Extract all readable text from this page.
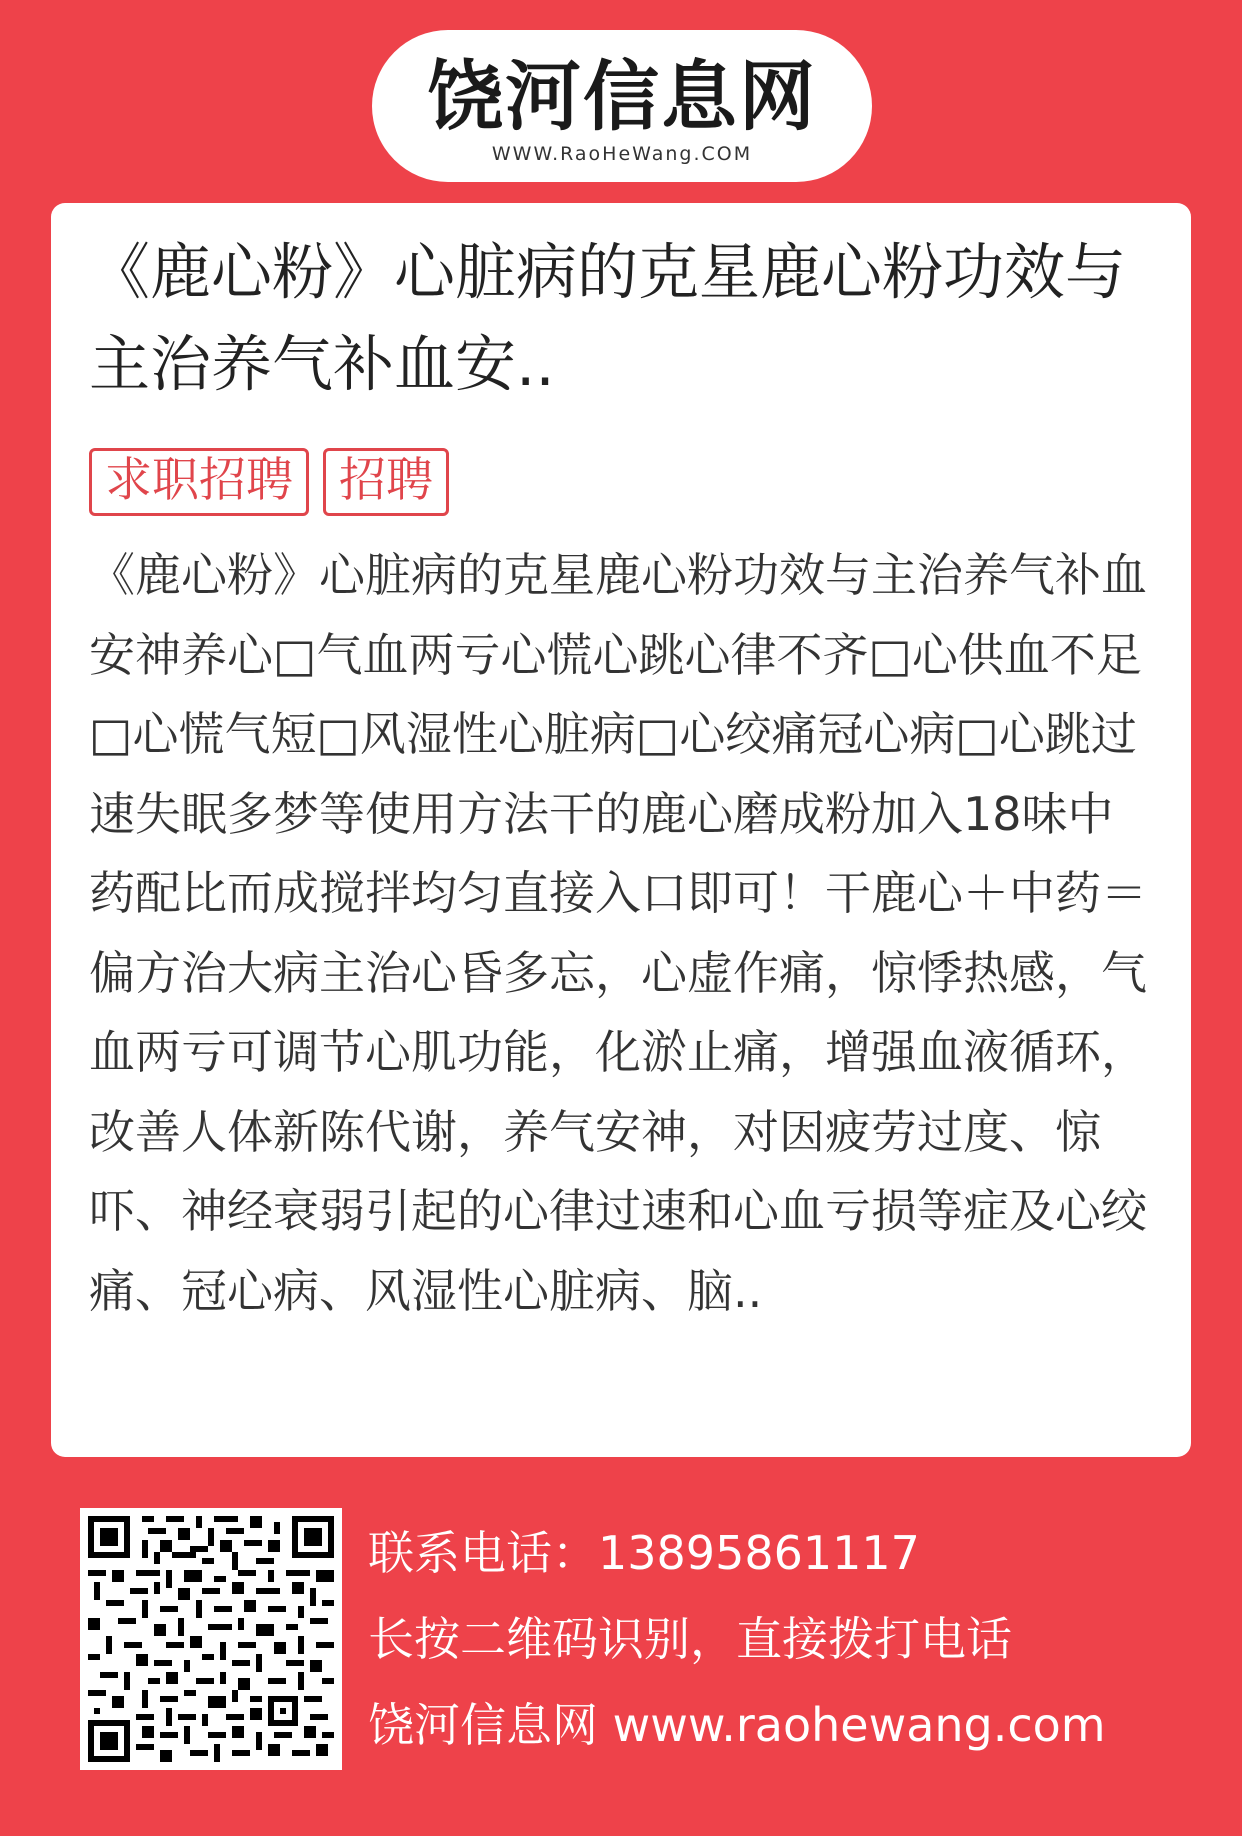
饶河信息网
WWW.RaoHeWang.COM
《鹿心粉》心脏病的克星鹿心粉功效与主治养气补血安..
求职招聘 招聘
《鹿心粉》心脏病的克星鹿心粉功效与主治养气补血安神养心□气血两亏心慌心跳心律不齐□心供血不足□心慌气短□风湿性心脏病□心绞痛冠心病□心跳过速失眠多梦等使用方法干的鹿心磨成粉加入18味中药配比而成搅拌均匀直接入口即可！干鹿心＋中药＝偏方治大病主治心昏多忘，心虚作痛，惊悸热感，气血两亏可调节心肌功能，化淤止痛，增强血液循环，改善人体新陈代谢，养气安神，对因疲劳过度、惊吓、神经衰弱引起的心律过速和心血亏损等症及心绞痛、冠心病、风湿性心脏病、脑..
联系电话：13895861117
长按二维码识别，直接拨打电话
饶河信息网 www.raohewang.com
